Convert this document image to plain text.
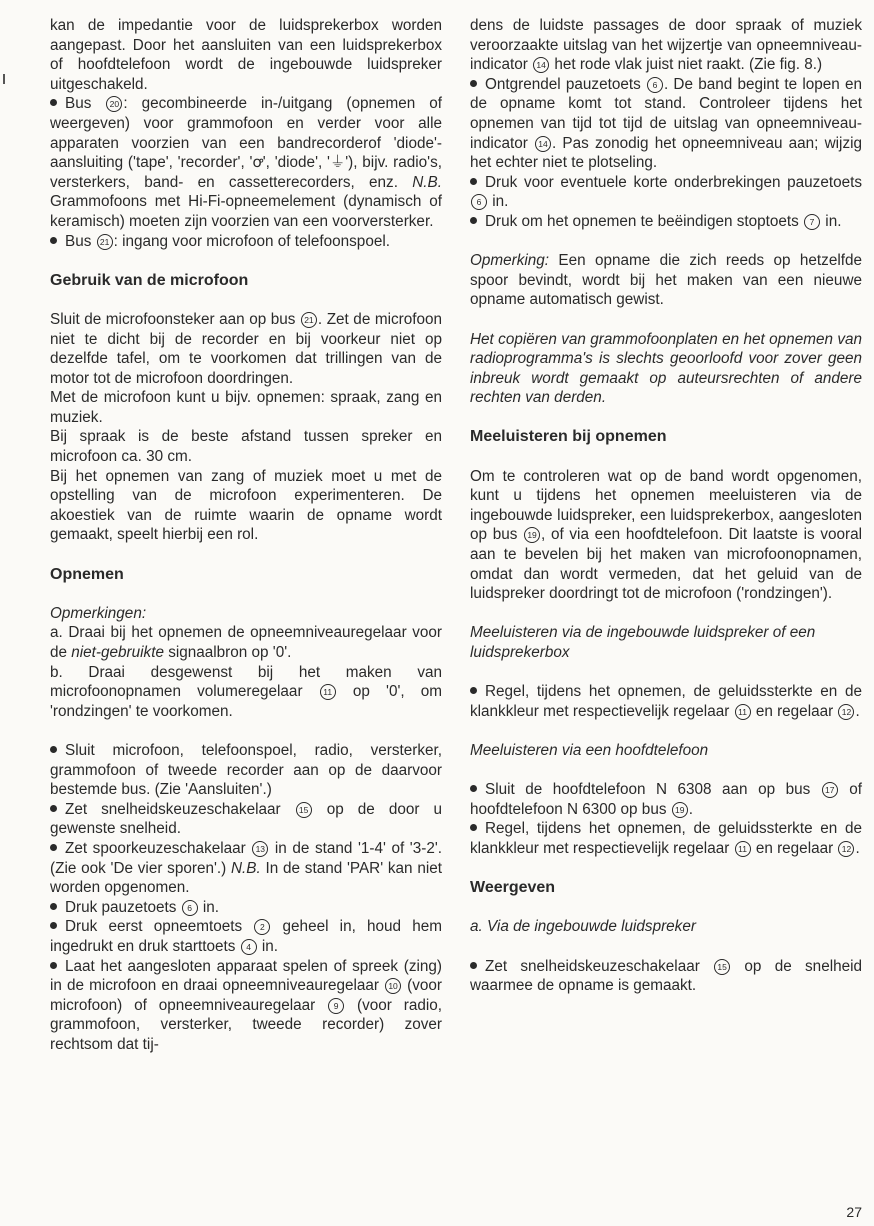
kan de impedantie voor de luidsprekerbox worden aangepast. Door het aansluiten van een luidsprekerbox of hoofdtelefoon wordt de ingebouwde luidspreker uitgeschakeld.

Bus 20 : gecombineerde in-/uitgang (opnemen of weergeven) voor grammofoon en verder voor alle apparaten voorzien van een bandrecorderof 'diode'-aansluiting ('tape', 'recorder', 'ꝍ', 'diode', '⏚'), bijv. radio's, versterkers, band- en cassetterecorders, enz. N.B. Grammofoons met Hi-Fi-opneemelement (dynamisch of keramisch) moeten zijn voorzien van een voorversterker.

Bus 21 : ingang voor microfoon of telefoonspoel.

Gebruik van de microfoon

Sluit de microfoonsteker aan op bus 21 . Zet de microfoon niet te dicht bij de recorder en bij voorkeur niet op dezelfde tafel, om te voorkomen dat trillingen van de motor tot de microfoon doordringen.

Met de microfoon kunt u bijv. opnemen: spraak, zang en muziek.

Bij spraak is de beste afstand tussen spreker en microfoon ca. 30 cm.

Bij het opnemen van zang of muziek moet u met de opstelling van de microfoon experimenteren. De akoestiek van de ruimte waarin de opname wordt gemaakt, speelt hierbij een rol.

Opnemen

Opmerkingen:

a. Draai bij het opnemen de opneemniveauregelaar voor de niet-gebruikte signaalbron op '0'.

b. Draai desgewenst bij het maken van microfoonopnamen volumeregelaar 11 op '0', om 'rondzingen' te voorkomen.

Sluit microfoon, telefoonspoel, radio, versterker, grammofoon of tweede recorder aan op de daarvoor bestemde bus. (Zie 'Aansluiten'.)

Zet snelheidskeuzeschakelaar 15 op de door u gewenste snelheid.

Zet spoorkeuzeschakelaar 13 in de stand '1-4' of '3-2'. (Zie ook 'De vier sporen'.) N.B. In de stand 'PAR' kan niet worden opgenomen.

Druk pauzetoets 6 in.

Druk eerst opneemtoets 2 geheel in, houd hem ingedrukt en druk starttoets 4 in.

Laat het aangesloten apparaat spelen of spreek (zing) in de microfoon en draai opneemniveauregelaar 10 (voor microfoon) of opneemniveauregelaar 9 (voor radio, grammofoon, versterker, tweede recorder) zover rechtsom dat tij-

dens de luidste passages de door spraak of muziek veroorzaakte uitslag van het wijzertje van opneemniveau-indicator 14 het rode vlak juist niet raakt. (Zie fig. 8.)

Ontgrendel pauzetoets 6 . De band begint te lopen en de opname komt tot stand. Controleer tijdens het opnemen van tijd tot tijd de uitslag van opneemniveau-indicator 14 . Pas zonodig het opneemniveau aan; wijzig het echter niet te plotseling.

Druk voor eventuele korte onderbrekingen pauzetoets 6 in.

Druk om het opnemen te beëindigen stoptoets 7 in.

Opmerking: Een opname die zich reeds op hetzelfde spoor bevindt, wordt bij het maken van een nieuwe opname automatisch gewist.

Het copiëren van grammofoonplaten en het opnemen van radioprogramma's is slechts geoorloofd voor zover geen inbreuk wordt gemaakt op auteursrechten of andere rechten van derden.

Meeluisteren bij opnemen

Om te controleren wat op de band wordt opgenomen, kunt u tijdens het opnemen meeluisteren via de ingebouwde luidspreker, een luidsprekerbox, aangesloten op bus 19 , of via een hoofdtelefoon. Dit laatste is vooral aan te bevelen bij het maken van microfoonopnamen, omdat dan wordt vermeden, dat het geluid van de luidspreker doordringt tot de microfoon ('rondzingen').

Meeluisteren via de ingebouwde luidspreker of een luidsprekerbox

Regel, tijdens het opnemen, de geluidssterkte en de klankkleur met respectievelijk regelaar 11 en regelaar 12 .

Meeluisteren via een hoofdtelefoon

Sluit de hoofdtelefoon N 6308 aan op bus 17 of hoofdtelefoon N 6300 op bus 19 .

Regel, tijdens het opnemen, de geluidssterkte en de klankkleur met respectievelijk regelaar 11 en regelaar 12 .

Weergeven

a. Via de ingebouwde luidspreker

Zet snelheidskeuzeschakelaar 15 op de snelheid waarmee de opname is gemaakt.

27
